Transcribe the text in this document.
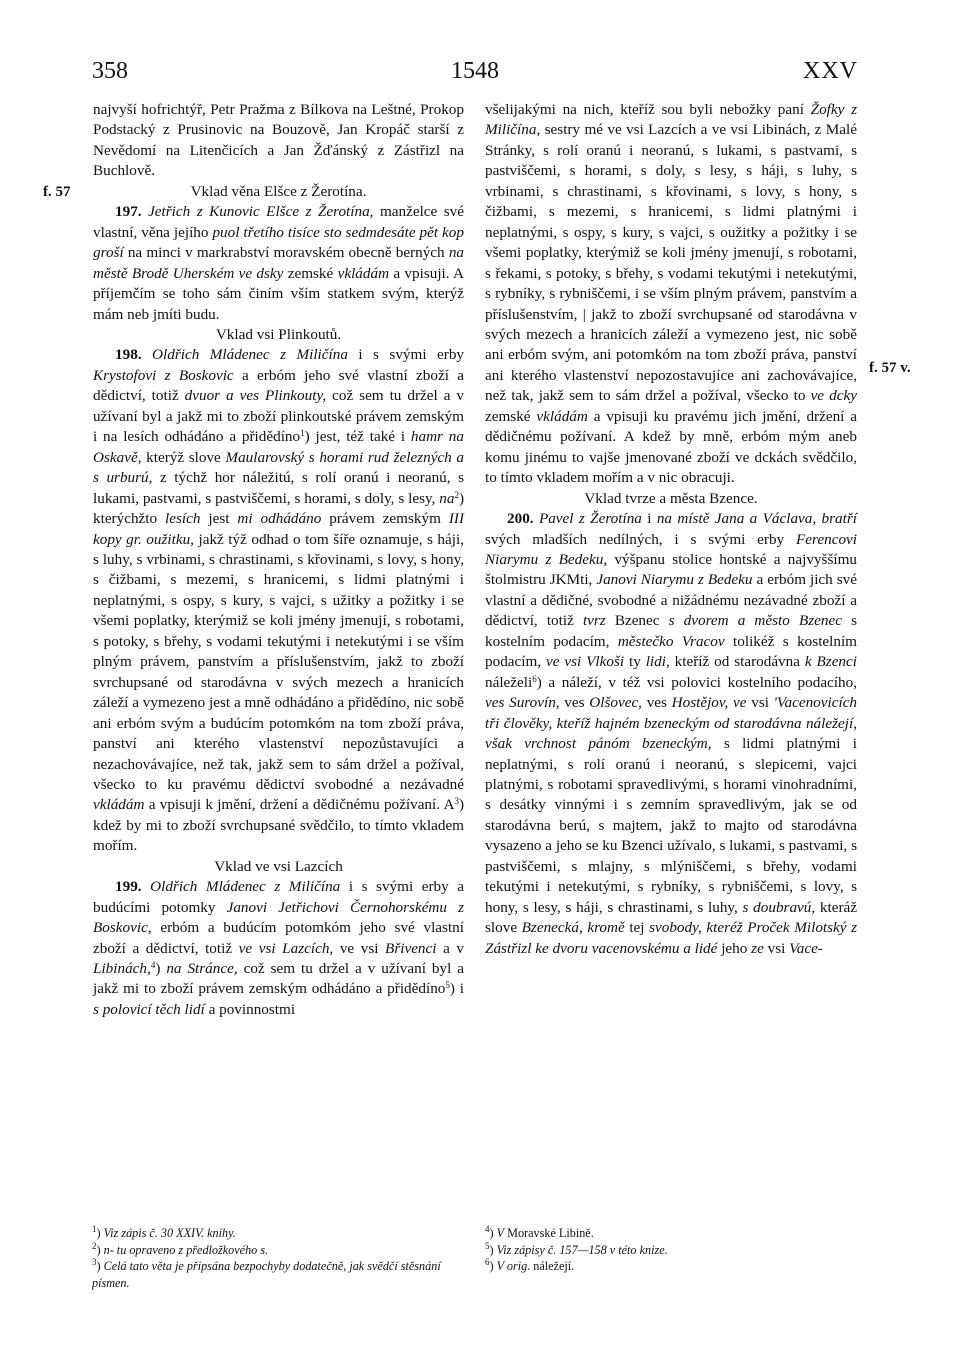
358	1548	XXV
f. 57
f. 57 v.

najvyší hofrichtýř, Petr Pražma z Bílkova na Leštné, Prokop Podstacký z Prusinovic na Bouzově, Jan Kropáč starší z Nevědomí na Litenčicích a Jan Žďánský z Zástřizl na Buchlově.

Vklad věna Elšce z Žerotína.

197. Jetřich z Kunovic Elšce z Žerotína, manželce své vlastní, věna jejího puol třetího tisíce sto sedmdesáte pět kop groší na minci v markrabství moravském obecně berných na městě Brodě Uherském ve dsky zemské vkládám a vpisuji. A příjemčím se toho sám činím vším statkem svým, kterýž mám neb jmíti budu.

Vklad vsi Plinkoutů.

198. Oldřich Mládenec z Miličína i s svými erby Krystofovi z Boskovic a erbóm jeho své vlastní zboží a dědictví, totiž dvuor a ves Plinkouty, což sem tu držel a v užívaní byl a jakž mi to zboží plinkoutské právem zemským i na lesích odhádáno a přidědíno$^1$) jest, též také i hamr na Oskavě, kterýž slove Maularovský s horami rud železných a s urburú, z týchž hor náležitú, s rolí oranú i neoranú, s lukami, pastvami, s pastviščemi, s horami, s doly, s lesy, $na^2$) kterýchžto lesích jest mi odhádáno právem zemským III kopy gr. oužitku, jakž týž odhad o tom šíře oznamuje, s háji, s luhy, s vrbinami, s chrastinami, s křovinami, s lovy, s hony, s čižbami, s mezemi, s hranicemi, s lidmi platnými i neplatnými, s ospy, s kury, s vajci, s užitky a požitky i se všemi poplatky, kterýmiž se koli jmény jmenují, s robotami, s potoky, s břehy, s vodami tekutými i netekutými i se vším plným právem, panstvím a příslušenstvím, jakž to zboží svrchupsané od starodávna v svých mezech a hranicích záleží a vymezeno jest a mně odhádáno a přidědíno, nic sobě ani erbóm svým a budúcím potomkóm na tom zboží práva, panství ani kterého vlastenství nepozůstavujíci a nezachovávajíce, než tak, jakž sem to sám držel a požíval, všecko to ku pravému dědictví svobodné a nezávadné vkládám a vpisuji k jmění, držení a dědičnému požívaní. $A^3$) kdež by mi to zboží svrchupsané svědčilo, to tímto vkladem mořím.

Vklad ve vsi Lazcích

199. Oldřich Mládenec z Miličína i s svými erby a budúcími potomky Janovi Jetřichovi Černohorskému z Boskovic, erbóm a budúcím potomkóm jeho své vlastní zboží a dědictví, totiž ve vsi Lazcích, ve vsi Břivenci a v Libinách,$^4$) na Stránce, což sem tu držel a v užívaní byl a jakž mi to zboží právem zemským odhádáno a přidědíno$^5$) i s polovicí těch lidí a povinnostmi

všelijakými na nich, kteříž sou byli nebožky paní Žofky z Miličína, sestry mé ve vsi Lazcích a ve vsi Libinách, z Malé Stránky, s rolí oranú i neoranú, s lukami, s pastvami, s pastviščemi, s horami, s doly, s lesy, s háji, s luhy, s vrbinami, s chrastinami, s křovinami, s lovy, s hony, s čižbami, s mezemi, s hranicemi, s lidmi platnými i neplatnými, s ospy, s kury, s vajci, s oužitky a požitky i se všemi poplatky, kterýmiž se koli jmény jmenují, s robotami, s řekami, s potoky, s břehy, s vodami tekutými i netekutými, s rybníky, s rybniščemi, i se vším plným právem, panstvím a příslušenstvím, | jakž to zboží svrchupsané od starodávna v svých mezech a hranicích záleží a vymezeno jest, nic sobě ani erbóm svým, ani potomkóm na tom zboží práva, panství ani kterého vlastenství nepozostavujíce ani zachovávajíce, než tak, jakž sem to sám držel a požíval, všecko to ve dcky zemské vkládám a vpisuji ku pravému jich jmění, držení a dědičnému požívaní. A kdež by mně, erbóm mým aneb komu jinému to vajše jmenované zboží ve dckách svědčilo, to tímto vkladem mořím a v nic obracuji.

Vklad tvrze a města Bzence.

200. Pavel z Žerotína i na místě Jana a Václava, bratří svých mladších nedílných, i s svými erby Ferencovi Niarymu z Bedeku, výšpanu stolice hontské a najvyššímu štolmistru JKMti, Janovi Niarymu z Bedeku a erbóm jich své vlastní a dědičné, svobodné a nižádnému nezávadné zboží a dědictví, totiž tvrz Bzenec s dvorem a město Bzenec s kostelním podacím, městečko Vracov tolikéž s kostelním podacím, ve vsi Vlkoši ty lidi, kteříž od starodávna k Bzenci náleželi$^6$) a náleží, v též vsi polovici kostelního podacího, ves Surovín, ves Olšovec, ves Hostějov, ve vsi 'Vacenovicích tři člověky, kteříž hajném bzeneckým od starodávna náležejí, však vrchnost pánóm bzeneckým, s lidmi platnými i neplatnými, s rolí oranú i neoranú, s slepicemi, vajci platnými, s robotami spravedlivými, s horami vinohradními, s desátky vinnými i s zemním spravedlivým, jak se od starodávna berú, s majtem, jakž to majto od starodávna vysazeno a jeho se ku Bzenci užívalo, s lukami, s pastvami, s pastviščemi, s mlajny, s mlýniščemi, s břehy, vodami tekutými i netekutými, s rybníky, s rybniščemi, s lovy, s hony, s lesy, s háji, s chrastinami, s luhy, s doubravú, kteráž slove Bzenecká, kromě tej svobody, kteréž Proček Milotský z Zástřizl ke dvoru vacenovskému a lidé jeho ze vsi Vace-

$^1$) Viz zápis č. 30 XXIV. knihy.
$^2$) n- tu opraveno z předložkového s.
$^3$) Celá tato věta je připsána bezpochyby dodatečně, jak svědčí stěsnání písmen.
$^4$) V Moravské Libině.
$^5$) Viz zápisy č. 157—158 v této knize.
$^6$) V orig. náležejí.
